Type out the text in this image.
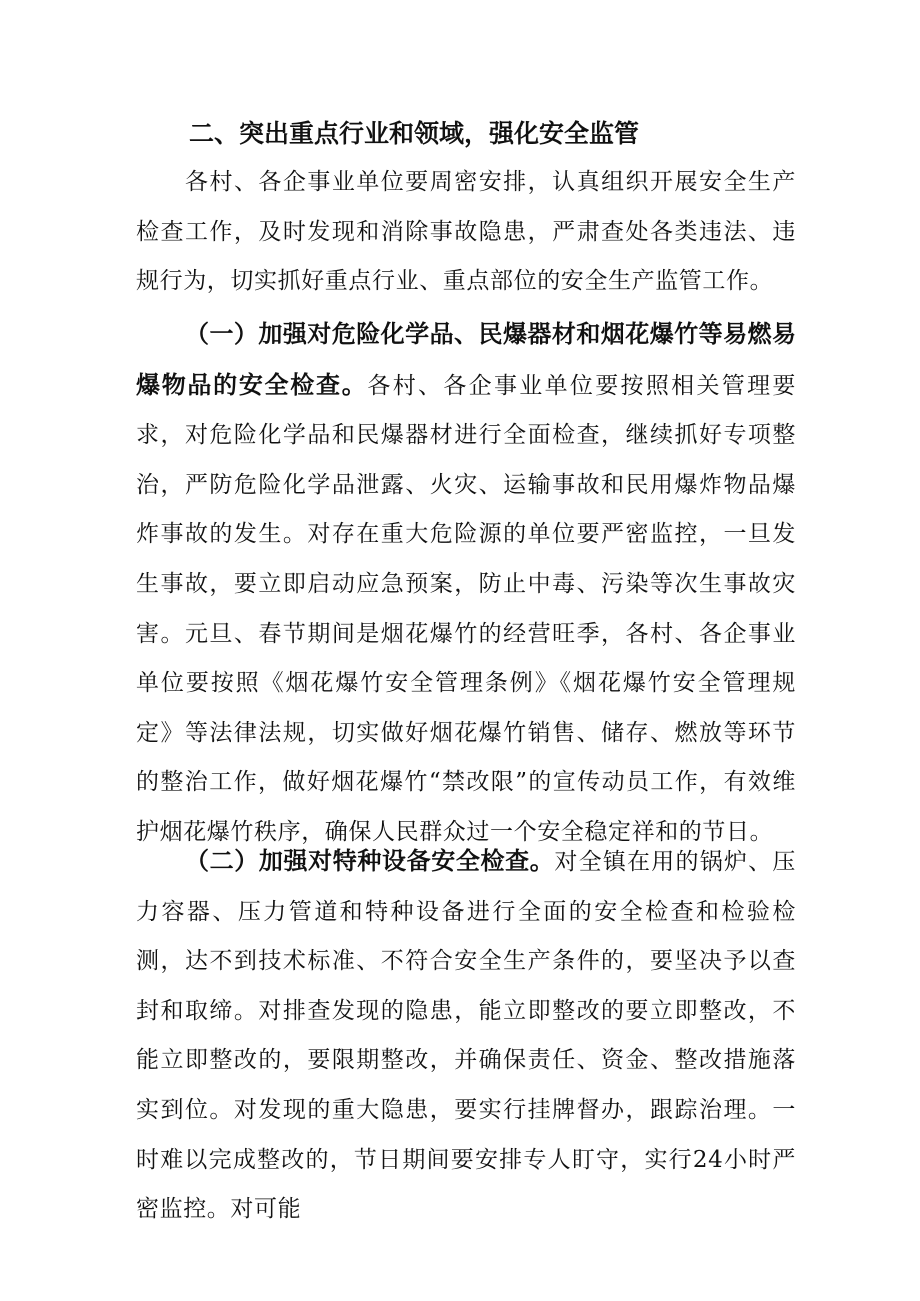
二、突出重点行业和领域，强化安全监管

各村、各企事业单位要周密安排，认真组织开展安全生产检查工作，及时发现和消除事故隐患，严肃查处各类违法、违规行为，切实抓好重点行业、重点部位的安全生产监管工作。

（一）加强对危险化学品、民爆器材和烟花爆竹等易燃易爆物品的安全检查。各村、各企事业单位要按照相关管理要求，对危险化学品和民爆器材进行全面检查，继续抓好专项整治，严防危险化学品泄露、火灾、运输事故和民用爆炸物品爆炸事故的发生。对存在重大危险源的单位要严密监控，一旦发生事故，要立即启动应急预案，防止中毒、污染等次生事故灾害。元旦、春节期间是烟花爆竹的经营旺季，各村、各企事业单位要按照《烟花爆竹安全管理条例》《烟花爆竹安全管理规定》等法律法规，切实做好烟花爆竹销售、储存、燃放等环节的整治工作，做好烟花爆竹“禁改限”的宣传动员工作，有效维护烟花爆竹秩序，确保人民群众过一个安全稳定祥和的节日。

（二）加强对特种设备安全检查。对全镇在用的锅炉、压力容器、压力管道和特种设备进行全面的安全检查和检验检测，达不到技术标准、不符合安全生产条件的，要坚决予以查封和取缔。对排查发现的隐患，能立即整改的要立即整改，不能立即整改的，要限期整改，并确保责任、资金、整改措施落实到位。对发现的重大隐患，要实行挂牌督办，跟踪治理。一时难以完成整改的，节日期间要安排专人盯守，实行24小时严密监控。对可能
